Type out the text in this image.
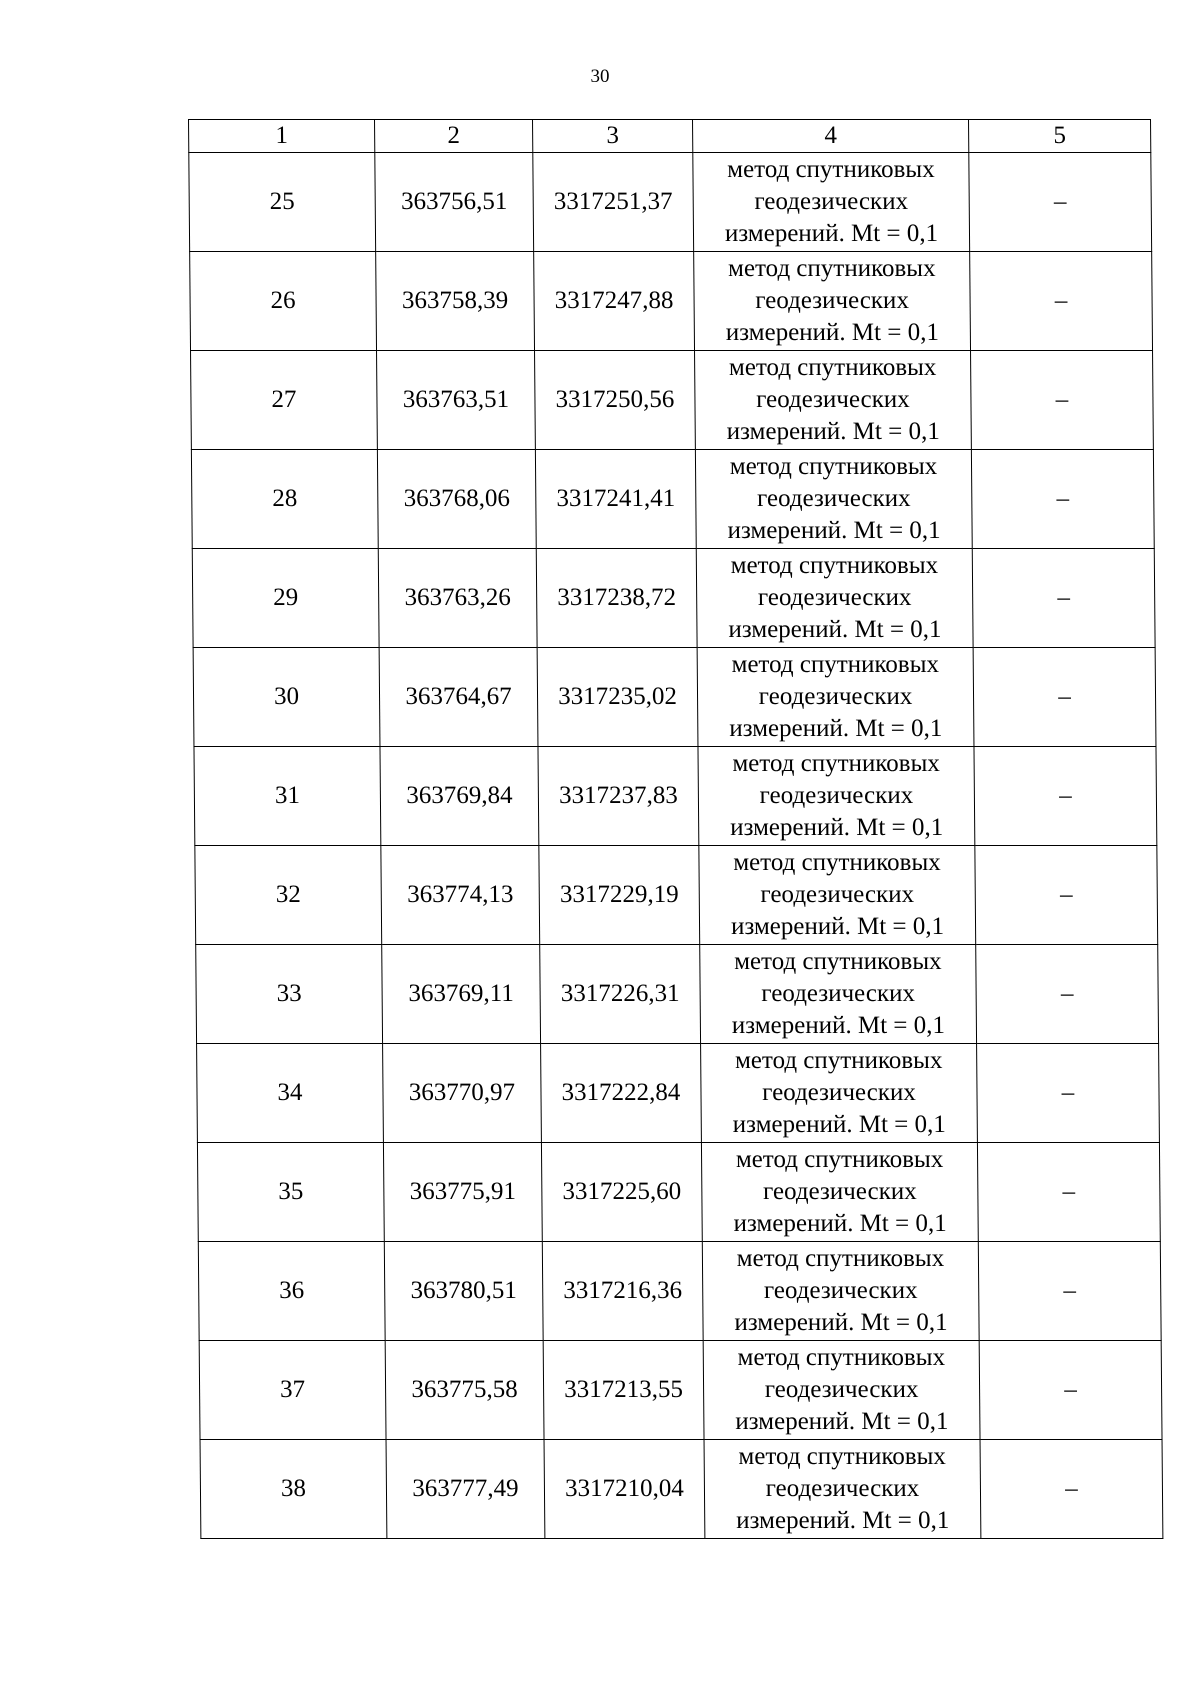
30
1	2	3	4	5
25	363756,51	3317251,37	метод спутниковых
геодезических
измерений. Mt = 0,1	–
26	363758,39	3317247,88	метод спутниковых
геодезических
измерений. Mt = 0,1	–
27	363763,51	3317250,56	метод спутниковых
геодезических
измерений. Mt = 0,1	–
28	363768,06	3317241,41	метод спутниковых
геодезических
измерений. Mt = 0,1	–
29	363763,26	3317238,72	метод спутниковых
геодезических
измерений. Mt = 0,1	–
30	363764,67	3317235,02	метод спутниковых
геодезических
измерений. Mt = 0,1	–
31	363769,84	3317237,83	метод спутниковых
геодезических
измерений. Mt = 0,1	–
32	363774,13	3317229,19	метод спутниковых
геодезических
измерений. Mt = 0,1	–
33	363769,11	3317226,31	метод спутниковых
геодезических
измерений. Mt = 0,1	–
34	363770,97	3317222,84	метод спутниковых
геодезических
измерений. Mt = 0,1	–
35	363775,91	3317225,60	метод спутниковых
геодезических
измерений. Mt = 0,1	–
36	363780,51	3317216,36	метод спутниковых
геодезических
измерений. Mt = 0,1	–
37	363775,58	3317213,55	метод спутниковых
геодезических
измерений. Mt = 0,1	–
38	363777,49	3317210,04	метод спутниковых
геодезических
измерений. Mt = 0,1	–
